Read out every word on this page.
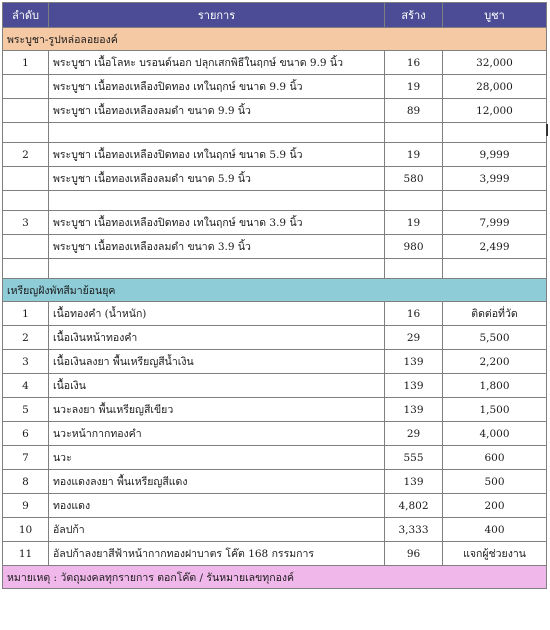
ลำดับ	รายการ	สร้าง	บูชา
พระบูชา-รูปหล่อลอยองค์			
1	พระบูชา เนื้อโลหะ บรอนด์นอก ปลุกเสกพิธีในฤกษ์ ขนาด 9.9 นิ้ว	16	32,000
	พระบูชา เนื้อทองเหลืองปิดทอง เทในฤกษ์ ขนาด 9.9 นิ้ว	19	28,000
	พระบูชา เนื้อทองเหลืองลมดำ ขนาด 9.9 นิ้ว	89	12,000

2	พระบูชา เนื้อทองเหลืองปิดทอง เทในฤกษ์ ขนาด 5.9 นิ้ว	19	9,999
	พระบูชา เนื้อทองเหลืองลมดำ ขนาด 5.9 นิ้ว	580	3,999

3	พระบูชา เนื้อทองเหลืองปิดทอง เทในฤกษ์ ขนาด 3.9 นิ้ว	19	7,999
	พระบูชา เนื้อทองเหลืองลมดำ ขนาด 3.9 นิ้ว	980	2,499

เหรียญฝังพัทสีมาย้อนยุค			
1	เนื้อทองคำ (น้ำหนัก)	16	ติดต่อที่วัด
2	เนื้อเงินหน้าทองคำ	29	5,500
3	เนื้อเงินลงยา พื้นเหรียญสีน้ำเงิน	139	2,200
4	เนื้อเงิน	139	1,800
5	นวะลงยา พื้นเหรียญสีเขียว	139	1,500
6	นวะหน้ากากทองคำ	29	4,000
7	นวะ	555	600
8	ทองแดงลงยา พื้นเหรียญสีแดง	139	500
9	ทองแดง	4,802	200
10	อัลปก้า	3,333	400
11	อัลปก้าลงยาสีฟ้าหน้ากากทองฝาบาตร โค๊ต 168 กรรมการ	96	แจกผู้ช่วยงาน
หมายเหตุ : วัตถุมงคลทุกรายการ ตอกโค๊ต / รันหมายเลขทุกองค์			
